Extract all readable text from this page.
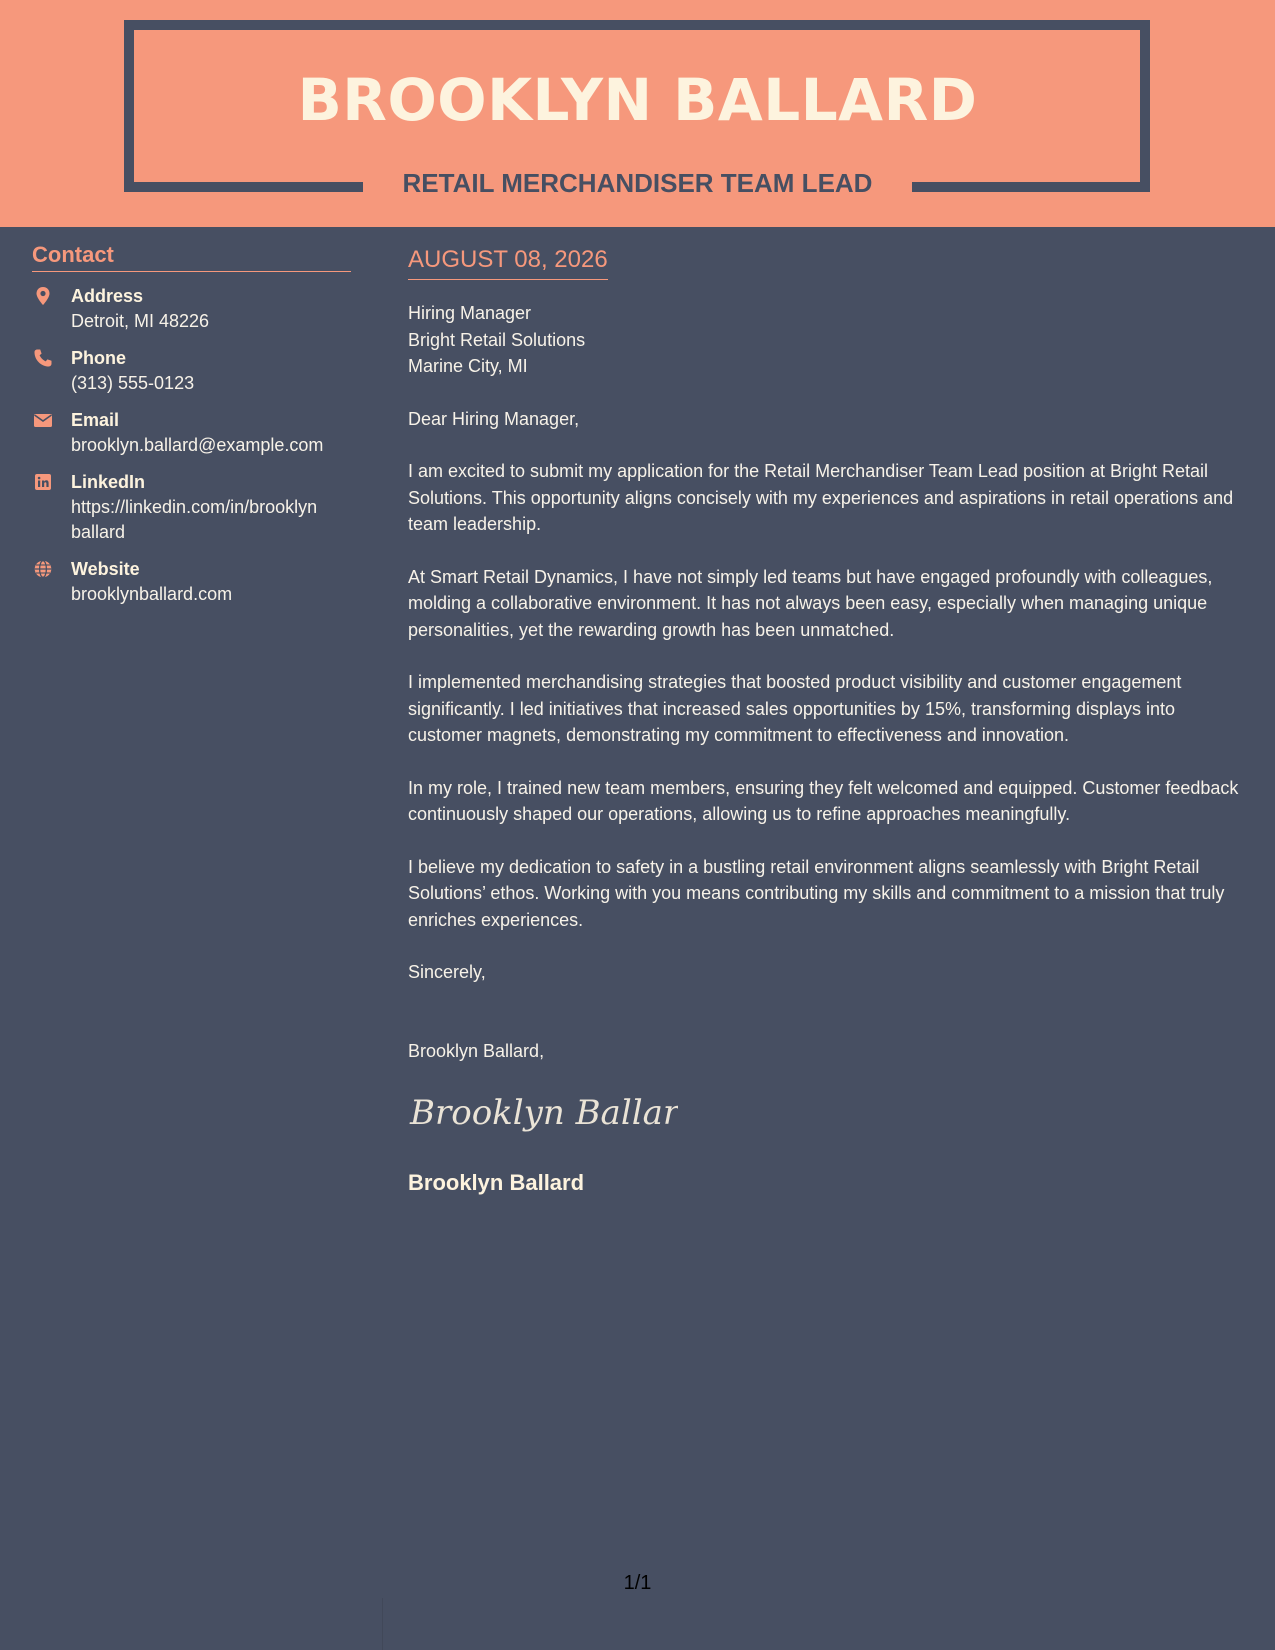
BROOKLYN BALLARD
RETAIL MERCHANDISER TEAM LEAD
Contact
Address
Detroit, MI 48226
Phone
(313) 555-0123
Email
brooklyn.ballard@example.com
LinkedIn
https://linkedin.com/in/brooklyn ballard
Website
brooklynballard.com
AUGUST 08, 2026
Hiring Manager
Bright Retail Solutions
Marine City, MI
Dear Hiring Manager,

I am excited to submit my application for the Retail Merchandiser Team Lead position at Bright Retail Solutions. This opportunity aligns concisely with my experiences and aspirations in retail operations and team leadership.

At Smart Retail Dynamics, I have not simply led teams but have engaged profoundly with colleagues, molding a collaborative environment. It has not always been easy, especially when managing unique personalities, yet the rewarding growth has been unmatched.

I implemented merchandising strategies that boosted product visibility and customer engagement significantly. I led initiatives that increased sales opportunities by 15%, transforming displays into customer magnets, demonstrating my commitment to effectiveness and innovation.

In my role, I trained new team members, ensuring they felt welcomed and equipped. Customer feedback continuously shaped our operations, allowing us to refine approaches meaningfully.

I believe my dedication to safety in a bustling retail environment aligns seamlessly with Bright Retail Solutions’ ethos. Working with you means contributing my skills and commitment to a mission that truly enriches experiences.

Sincerely,
Brooklyn Ballard,
Brooklyn Ballard
Brooklyn Ballard
1/1
